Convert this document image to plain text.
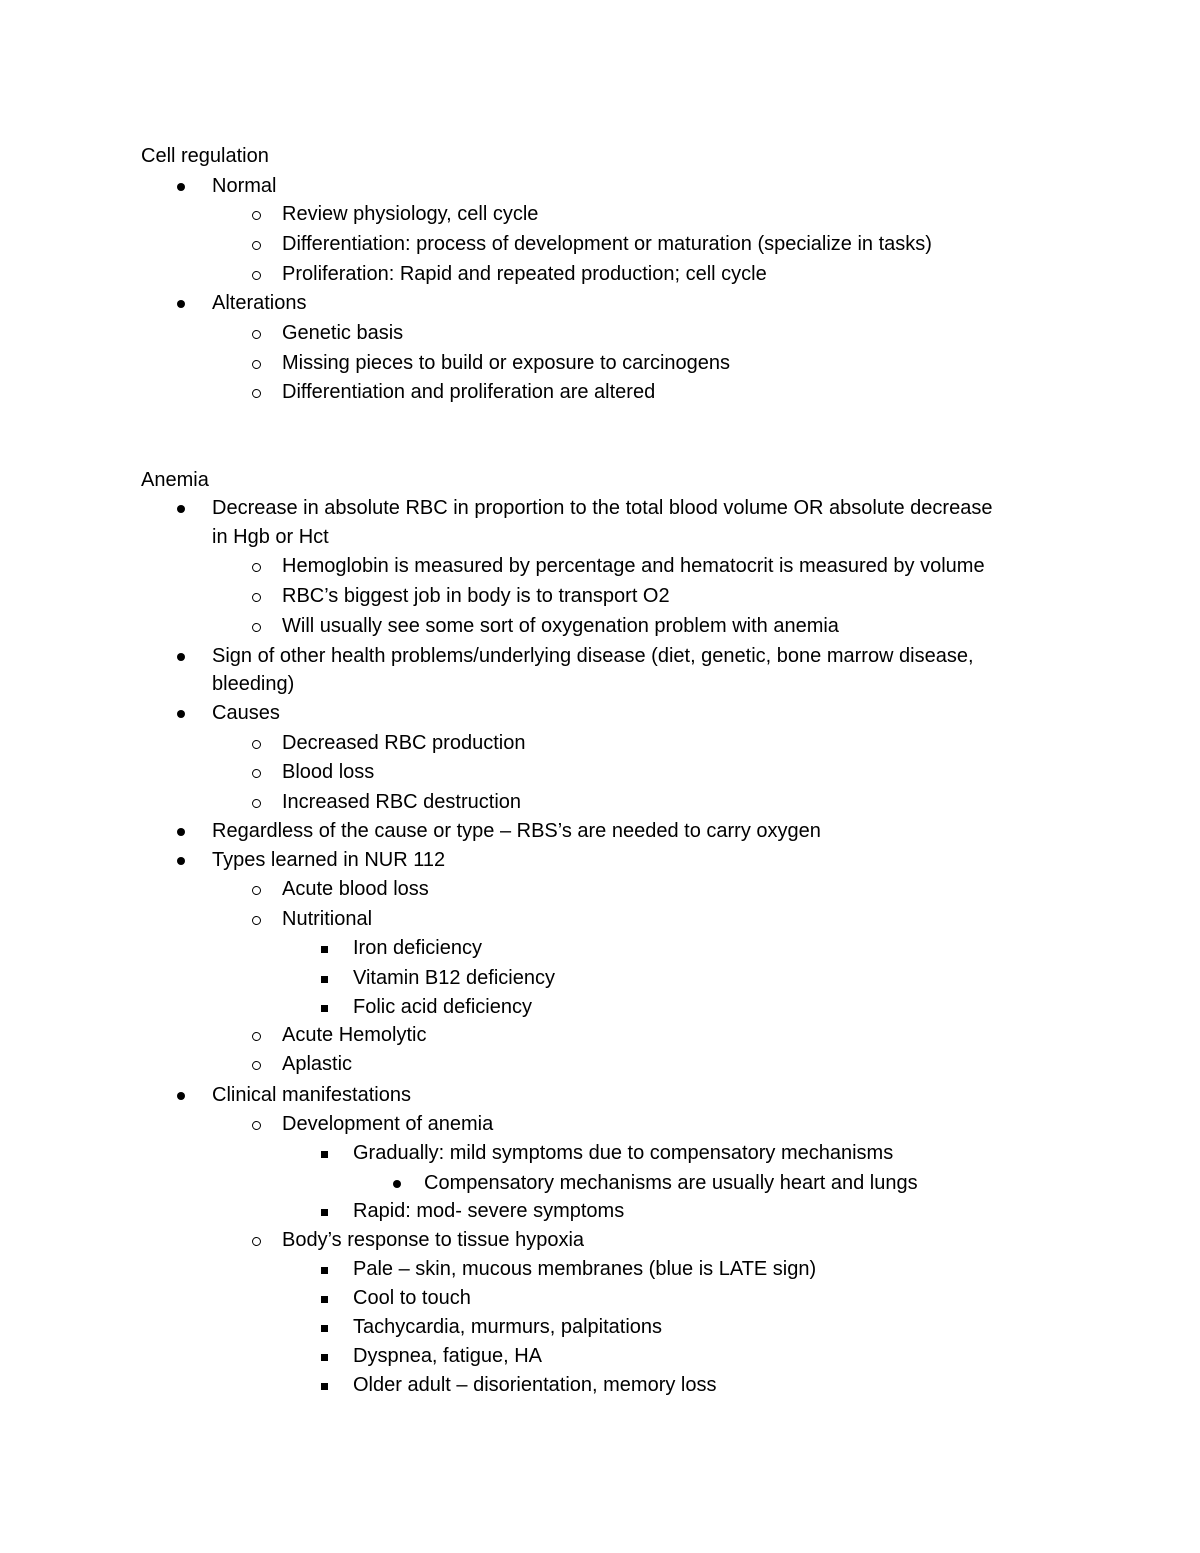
Cell regulation
Normal
Review physiology, cell cycle
Differentiation: process of development or maturation (specialize in tasks)
Proliferation: Rapid and repeated production; cell cycle
Alterations
Genetic basis
Missing pieces to build or exposure to carcinogens
Differentiation and proliferation are altered
Anemia
Decrease in absolute RBC in proportion to the total blood volume OR absolute decrease
in Hgb or Hct
Hemoglobin is measured by percentage and hematocrit is measured by volume
RBC’s biggest job in body is to transport O2
Will usually see some sort of oxygenation problem with anemia
Sign of other health problems/underlying disease (diet, genetic, bone marrow disease,
bleeding)
Causes
Decreased RBC production
Blood loss
Increased RBC destruction
Regardless of the cause or type – RBS’s are needed to carry oxygen
Types learned in NUR 112
Acute blood loss
Nutritional
Iron deficiency
Vitamin B12 deficiency
Folic acid deficiency
Acute Hemolytic
Aplastic
Clinical manifestations
Development of anemia
Gradually: mild symptoms due to compensatory mechanisms
Compensatory mechanisms are usually heart and lungs
Rapid: mod- severe symptoms
Body’s response to tissue hypoxia
Pale – skin, mucous membranes (blue is LATE sign)
Cool to touch
Tachycardia, murmurs, palpitations
Dyspnea, fatigue, HA
Older adult – disorientation, memory loss
